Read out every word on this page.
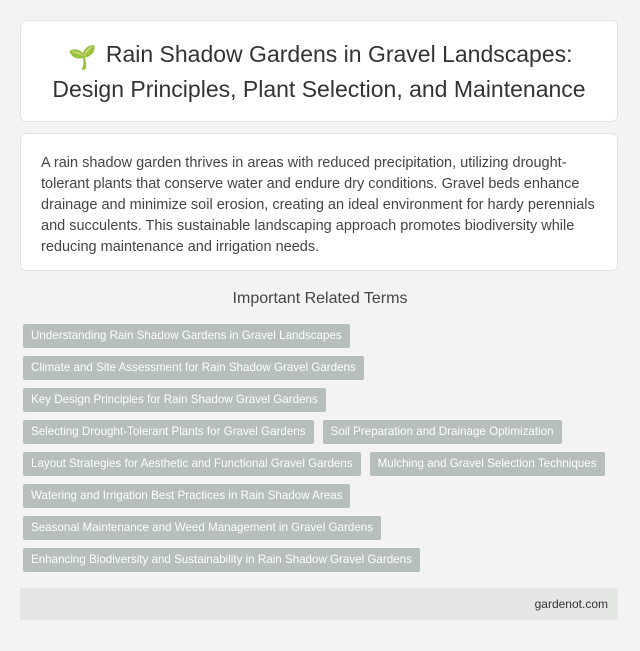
🌱 Rain Shadow Gardens in Gravel Landscapes: Design Principles, Plant Selection, and Maintenance

A rain shadow garden thrives in areas with reduced precipitation, utilizing drought-tolerant plants that conserve water and endure dry conditions. Gravel beds enhance drainage and minimize soil erosion, creating an ideal environment for hardy perennials and succulents. This sustainable landscaping approach promotes biodiversity while reducing maintenance and irrigation needs.

Important Related Terms
Understanding Rain Shadow Gardens in Gravel Landscapes
Climate and Site Assessment for Rain Shadow Gravel Gardens
Key Design Principles for Rain Shadow Gravel Gardens
Selecting Drought-Tolerant Plants for Gravel Gardens	Soil Preparation and Drainage Optimization
Layout Strategies for Aesthetic and Functional Gravel Gardens	Mulching and Gravel Selection Techniques
Watering and Irrigation Best Practices in Rain Shadow Areas
Seasonal Maintenance and Weed Management in Gravel Gardens
Enhancing Biodiversity and Sustainability in Rain Shadow Gravel Gardens
gardenot.com
